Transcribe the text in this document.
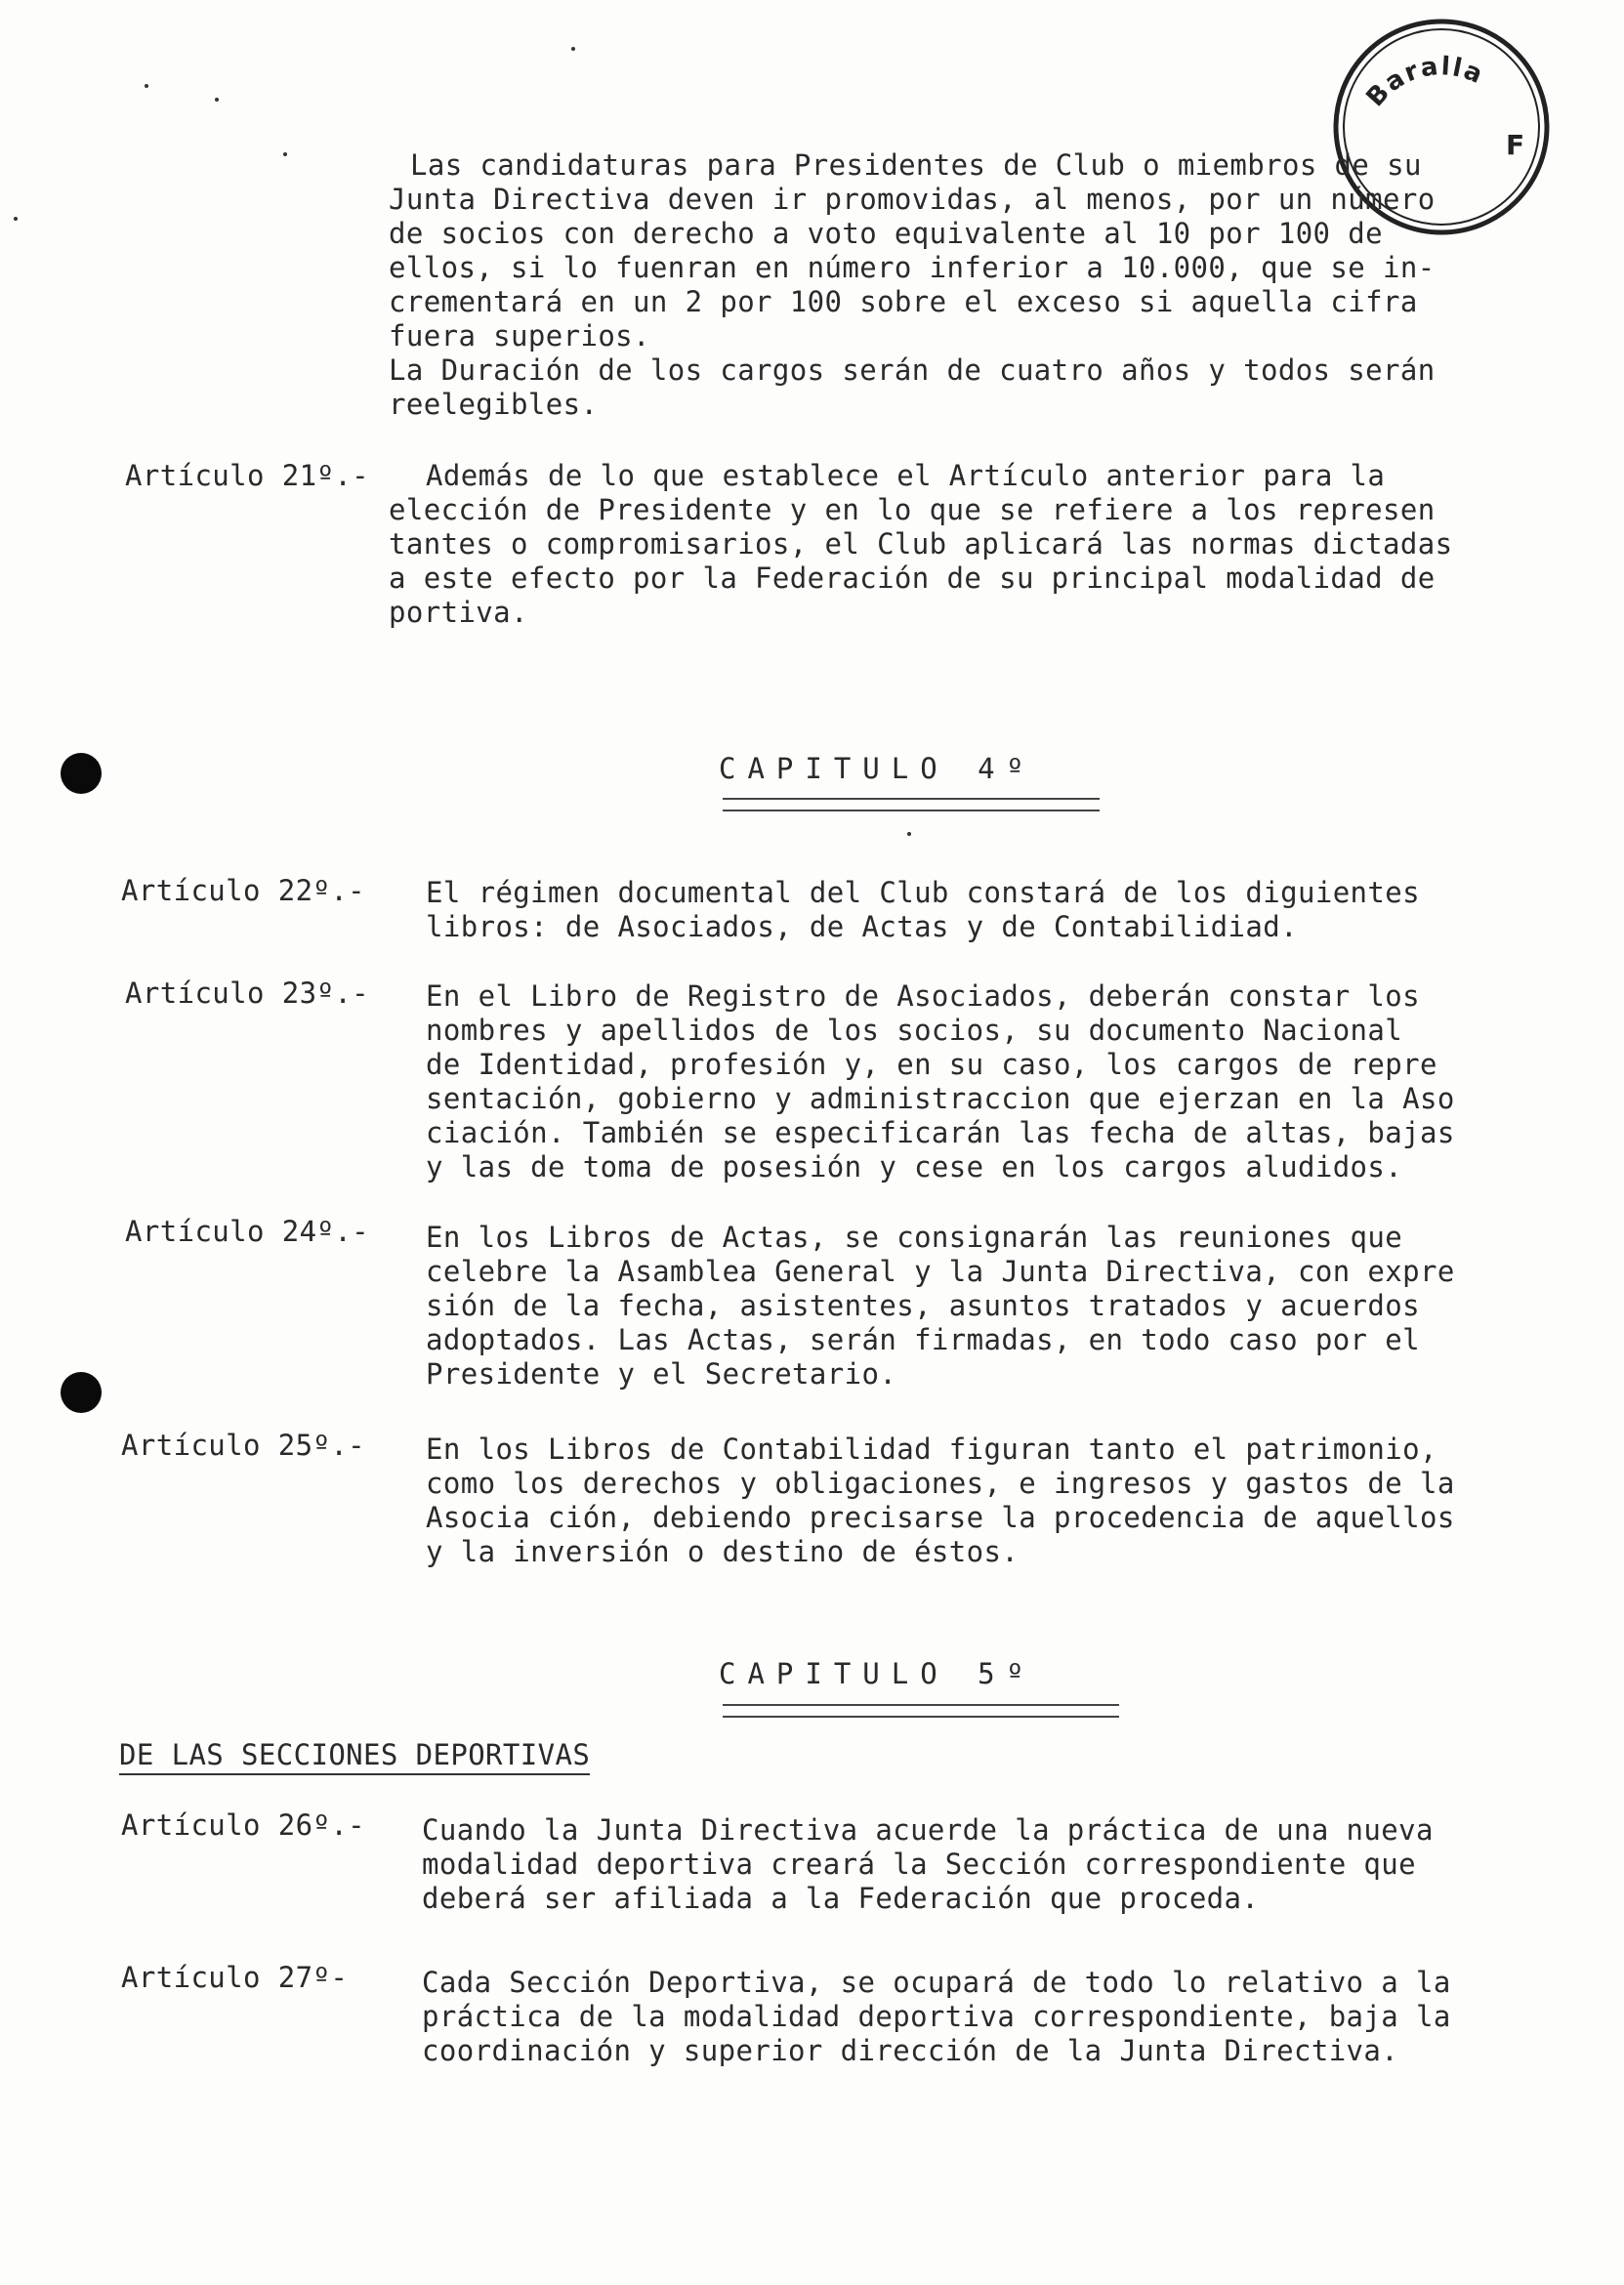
Baralla
F
Las candidaturas para Presidentes de Club o miembros de su
Junta Directiva deven ir promovidas, al menos, por un número
de socios con derecho a voto equivalente al 10 por 100 de
ellos, si lo fuenran en número inferior a 10.000, que se in-
crementará en un 2 por 100 sobre el exceso si aquella cifra
fuera superios.
La Duración de los cargos serán de cuatro años y todos serán
reelegibles.
Artículo 21º.- Además de lo que establece el Artículo anterior para la
elección de Presidente y en lo que se refiere a los represen
tantes o compromisarios, el Club aplicará las normas dictadas
a este efecto por la Federación de su principal modalidad de
portiva.
CAPITULO 4º
Artículo 22º.- El régimen documental del Club constará de los diguientes
libros: de Asociados, de Actas y de Contabilidiad.
Artículo 23º.- En el Libro de Registro de Asociados, deberán constar los
nombres y apellidos de los socios, su documento Nacional
de Identidad, profesión y, en su caso, los cargos de repre
sentación, gobierno y administraccion que ejerzan en la Aso
ciación. También se especificarán las fecha de altas, bajas
y las de toma de posesión y cese en los cargos aludidos.
Artículo 24º.- En los Libros de Actas, se consignarán las reuniones que
celebre la Asamblea General y la Junta Directiva, con expre
sión de la fecha, asistentes, asuntos tratados y acuerdos
adoptados. Las Actas, serán firmadas, en todo caso por el
Presidente y el Secretario.
Artículo 25º.- En los Libros de Contabilidad figuran tanto el patrimonio,
como los derechos y obligaciones, e ingresos y gastos de la
Asocia ción, debiendo precisarse la procedencia de aquellos
y la inversión o destino de éstos.
CAPITULO 5º
DE LAS SECCIONES DEPORTIVAS
Artículo 26º.- Cuando la Junta Directiva acuerde la práctica de una nueva
modalidad deportiva creará la Sección correspondiente que
deberá ser afiliada a la Federación que proceda.
Artículo 27º-	Cada Sección Deportiva, se ocupará de todo lo relativo a la
práctica de la modalidad deportiva correspondiente, baja la
coordinación y superior dirección de la Junta Directiva.
